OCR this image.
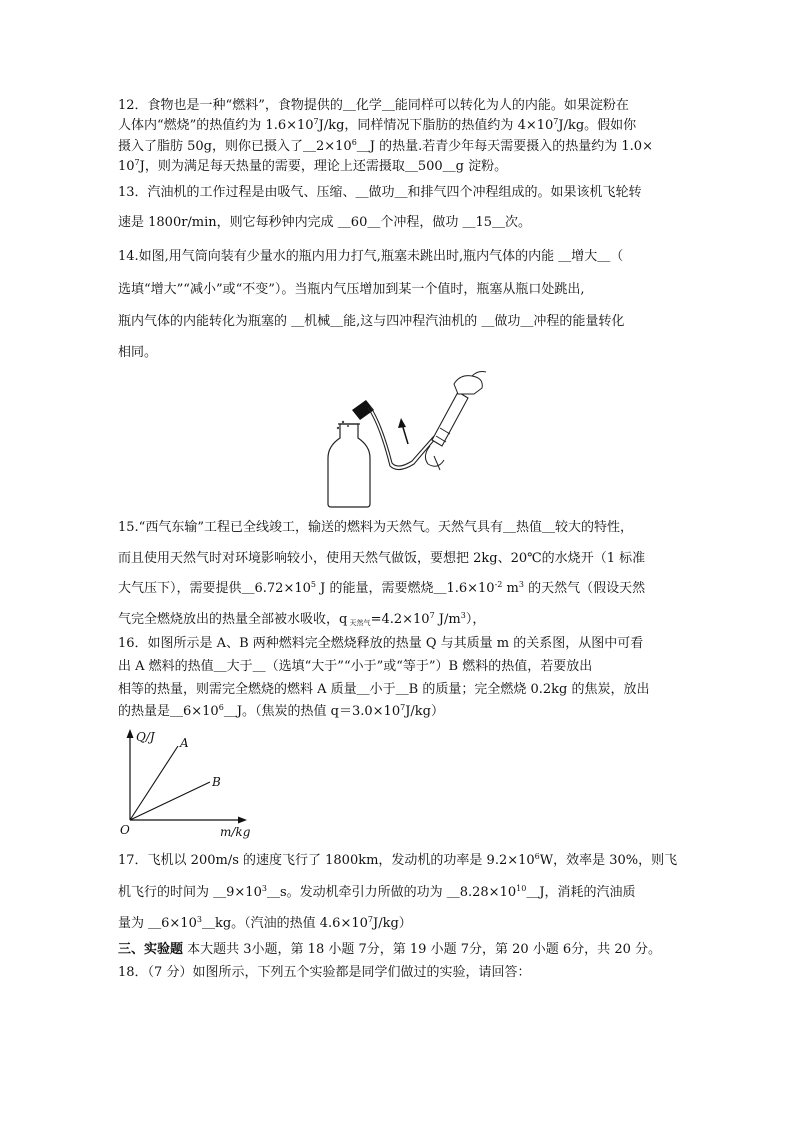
12．食物也是一种“燃料”，食物提供的＿化学＿能同样可以转化为人的内能。如果淀粉在
人体内“燃烧”的热值约为 $1.6\times 10^7J/kg$，同样情况下脂肪的热值约为 $4\times 10^7J/kg$。假如你
摄入了脂肪 50g，则你已摄入了$\_2\times 10^6\_J$ 的热量.若青少年每天需要摄入的热量约为 1.0×
$10^7J$，则为满足每天热量的需要，理论上还需摄取＿500＿g 淀粉。
13．汽油机的工作过程是由吸气、压缩、＿做功＿和排气四个冲程组成的。如果该机飞轮转
速是 1800r/min，则它每秒钟内完成 ＿60＿个冲程，做功 ＿15＿次。
14.如图,用气筒向装有少量水的瓶内用力打气,瓶塞未跳出时,瓶内气体的内能 ＿增大＿（
选填“增大”“减小”或“不变”）。当瓶内气压增加到某一个值时，瓶塞从瓶口处跳出,
瓶内气体的内能转化为瓶塞的 ＿机械＿能,这与四冲程汽油机的 ＿做功＿冲程的能量转化
相同。
15.“西气东输”工程已全线竣工，输送的燃料为天然气。天然气具有＿热值＿较大的特性，
而且使用天然气时对环境影响较小，使用天然气做饭，要想把 2kg、20℃的水烧开（1 标准
大气压下），需要提供$\_6.72\times 10^5$ J 的能量，需要燃烧$\_1.6\times 10^{-2}$ $m^3$ 的天然气（假设天然
气完全燃烧放出的热量全部被水吸收，q $_{天然气}=4.2\times 10^7$ $J/m^3$），
16．如图所示是 A、B 两种燃料完全燃烧释放的热量 Q 与其质量 m 的关系图，从图中可看
出 A 燃料的热值＿大于＿（选填“大于”“小于”或“等于”）B 燃料的热值，若要放出
相等的热量，则需完全燃烧的燃料 A 质量＿小于＿B 的质量；完全燃烧 0.2kg 的焦炭，放出
的热量是$\_6\times 10^6\_J$。（焦炭的热值 $q=3.0\times 10^7J/kg$）
Q/J
m/kg
O
A
B
17．飞机以 200m/s 的速度飞行了 1800km，发动机的功率是 $9.2\times 10^6W$，效率是 30%，则飞
机飞行的时间为 $\_9\times 10^3\_s$。发动机牵引力所做的功为 $\_8.28\times 10^{10}\_J$，消耗的汽油质
量为 $\_6\times 10^3\_kg$。（汽油的热值 $4.6\times 10^7J/kg$）
三、实验题 本大题共 3小题，第 18 小题 7分，第 19 小题 7分，第 20 小题 6分，共 20 分。
18．（7 分）如图所示，下列五个实验都是同学们做过的实验，请回答：
